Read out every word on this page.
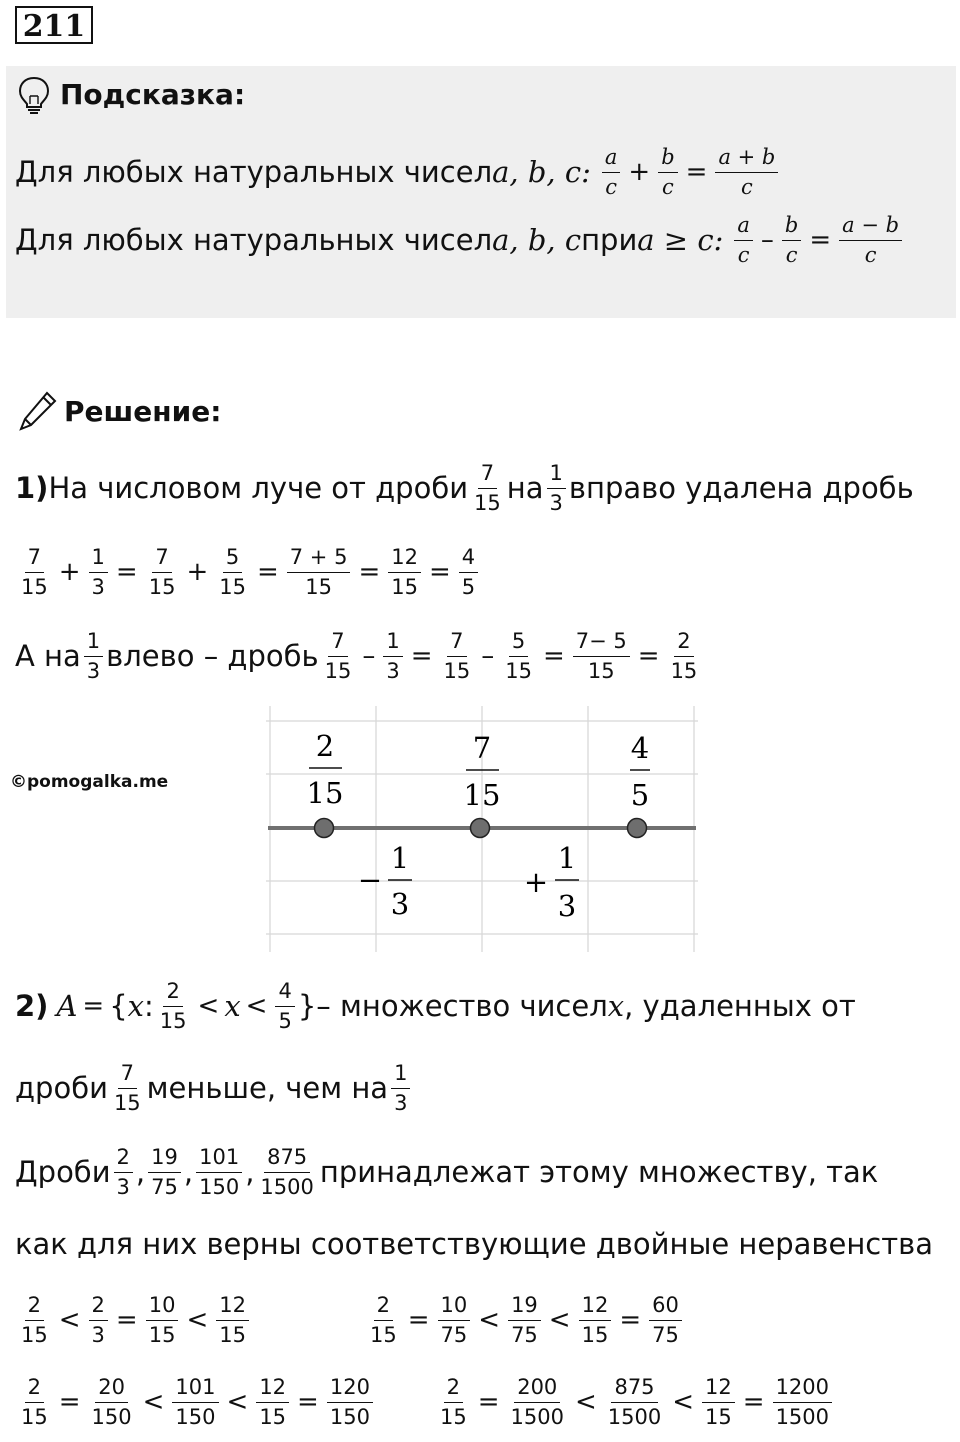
211
Подсказка:
Для любых натуральных чисел a, b, c: $\frac{a}{c} + \frac{b}{c} = \frac{a + b}{c}$
Для любых натуральных чисел a, b, c при a ≥ c: $\frac{a}{c} - \frac{b}{c} = \frac{a - b}{c}$
Решение:
1) На числовом луче от дроби $\frac{7}{15}$ на $\frac{1}{3}$ вправо удалена дробь
$\frac{7}{15} + \frac{1}{3} = \frac{7}{15} + \frac{5}{15} = \frac{7 + 5}{15} = \frac{12}{15} = \frac{4}{5}$
А на $\frac{1}{3}$ влево – дробь $\frac{7}{15} - \frac{1}{3} = \frac{7}{15} - \frac{5}{15} = \frac{7- 5}{15} = \frac{2}{15}$
©pomogalka.me
2
15
7
15
4
5
−
1
3
+
1
3
2) A = { x : $\frac{2}{15} < x < \frac{4}{5}$ } – множество чисел x , удаленных от
дроби $\frac{7}{15}$ меньше, чем на $\frac{1}{3}$
Дроби $\frac{2}{3}$ , $\frac{19}{75}$ , $\frac{101}{150}$ , $\frac{875}{1500}$ принадлежат этому множеству, так
как для них верны соответствующие двойные неравенства
$\frac{2}{15} < \frac{2}{3} = \frac{10}{15} < \frac{12}{15}$	$\frac{2}{15} = \frac{10}{75} < \frac{19}{75} < \frac{12}{15} = \frac{60}{75}$
$\frac{2}{15} = \frac{20}{150} < \frac{101}{150} < \frac{12}{15} = \frac{120}{150}$	$\frac{2}{15} = \frac{200}{1500} < \frac{875}{1500} < \frac{12}{15} = \frac{1200}{1500}$
